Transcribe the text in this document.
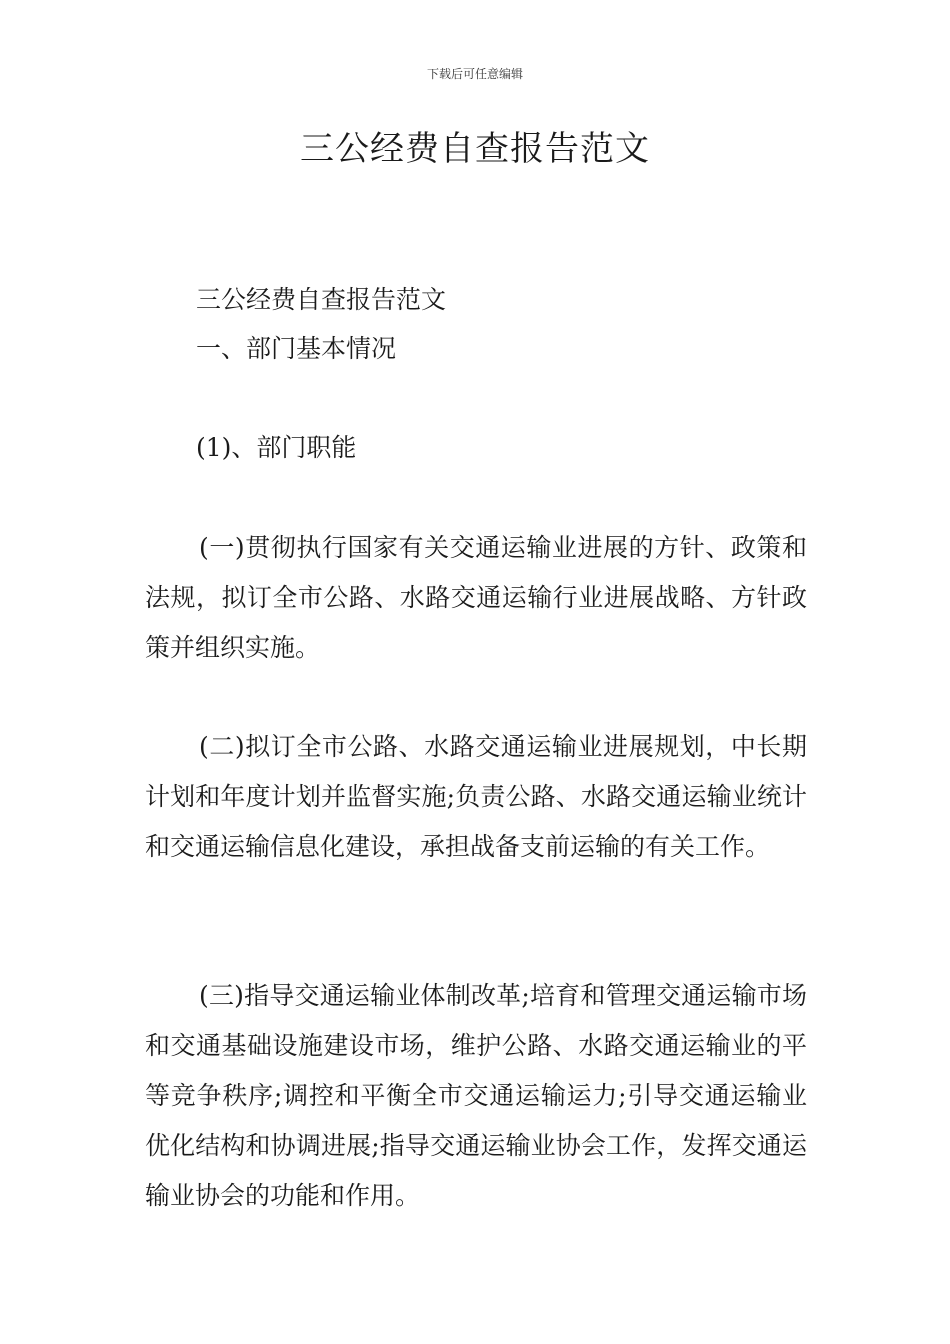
下载后可任意编辑
三公经费自查报告范文
三公经费自查报告范文
一、部门基本情况
(1)、部门职能

(一)贯彻执行国家有关交通运输业进展的方针、政策和法规，拟订全市公路、水路交通运输行业进展战略、方针政策并组织实施。

(二)拟订全市公路、水路交通运输业进展规划，中长期计划和年度计划并监督实施;负责公路、水路交通运输业统计和交通运输信息化建设，承担战备支前运输的有关工作。

(三)指导交通运输业体制改革;培育和管理交通运输市场和交通基础设施建设市场，维护公路、水路交通运输业的平等竞争秩序;调控和平衡全市交通运输运力;引导交通运输业优化结构和协调进展;指导交通运输业协会工作，发挥交通运输业协会的功能和作用。
